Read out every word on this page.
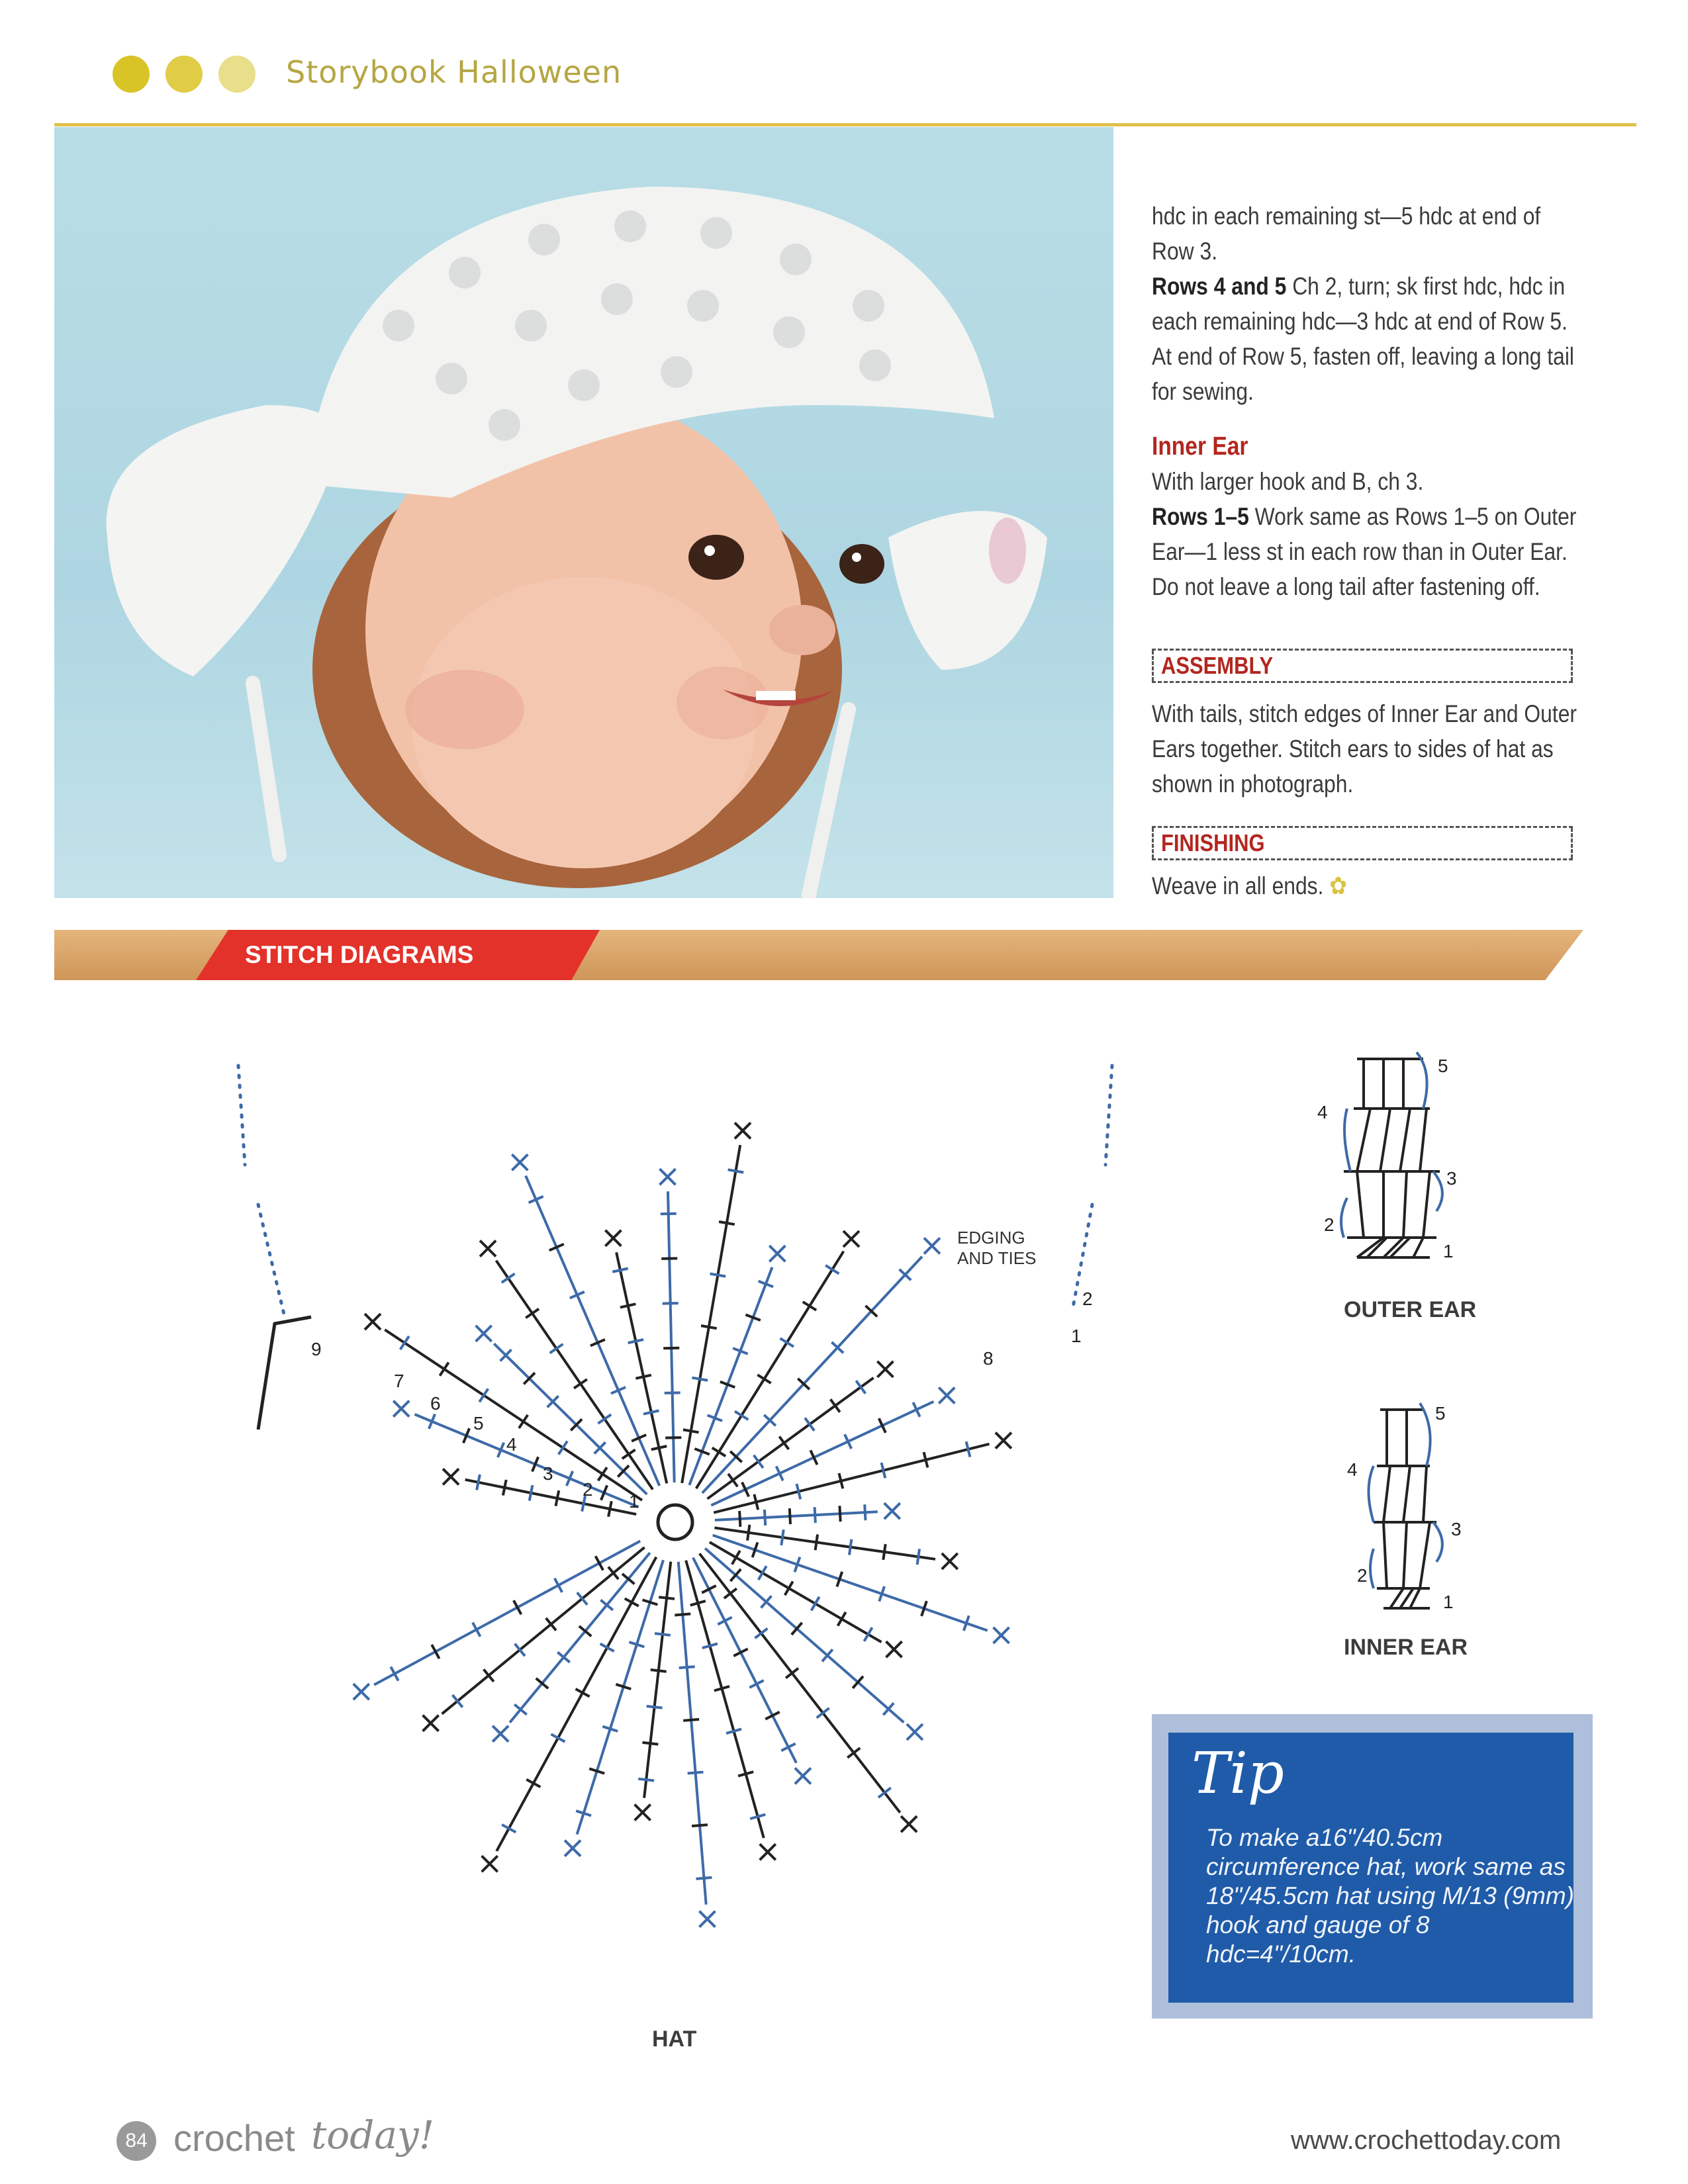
Storybook Halloween

hdc in each remaining st—5 hdc at end of Row 3.

Rows 4 and 5 Ch 2, turn; sk first hdc, hdc in each remaining hdc—3 hdc at end of Row 5. At end of Row 5, fasten off, leaving a long tail for sewing.

Inner Ear

With larger hook and B, ch 3.

Rows 1–5 Work same as Rows 1–5 on Outer Ear—1 less st in each row than in Outer Ear. Do not leave a long tail after fastening off.

ASSEMBLY

With tails, stitch edges of Inner Ear and Outer Ears together. Stitch ears to sides of hat as shown in photograph.

FINISHING

Weave in all ends. ✿

STITCH DIAGRAMS
1
2
3
4
5
6
7
8
9
1
2
EDGING
AND TIES
HAT
1
2
3
4
5
OUTER EAR
1
2
3
4
5
INNER EAR
Tip
To make a16"/40.5cm circumference hat, work same as 18"/45.5cm hat using M/13 (9mm) hook and gauge of 8 hdc=4"/10cm.
84 crochet today!	www.crochettoday.com
